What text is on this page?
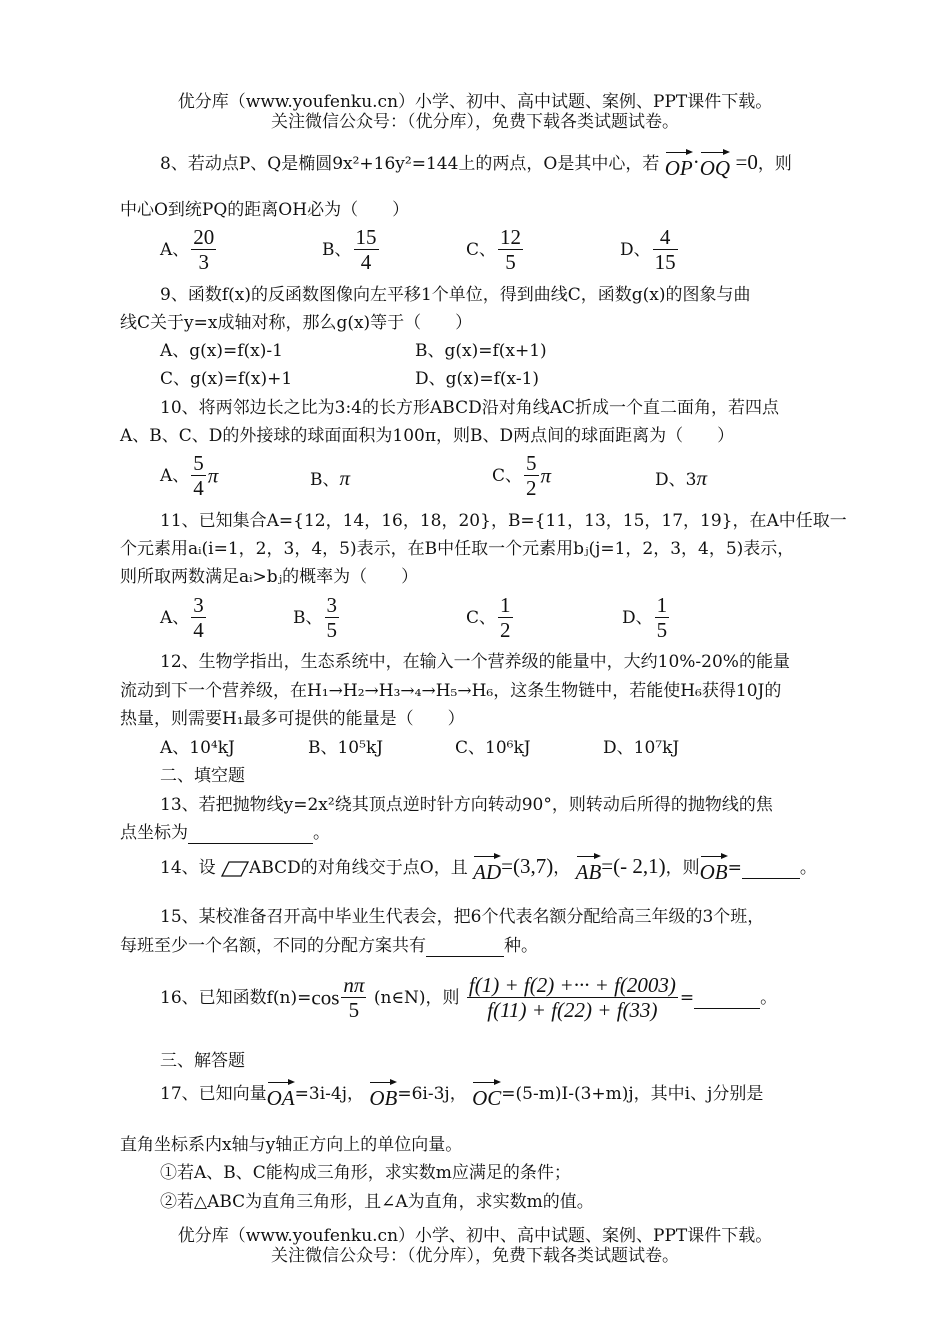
优分库（www.youfenku.cn）小学、初中、高中试题、案例、PPT课件下载。
关注微信公众号：（优分库），免费下载各类试题试卷。
8、若动点P、Q是椭圆9x²+16y²=144上的两点，O是其中心，若 OP·OQ =0，则
中心O到统PQ的距离OH必为（　　）
A、 $\frac{20}{3}$	B、 $\frac{15}{4}$	C、 $\frac{12}{5}$	D、 $\frac{4}{15}$
9、函数f(x)的反函数图像向左平移1个单位，得到曲线C，函数g(x)的图象与曲
线C关于y=x成轴对称，那么g(x)等于（　　）
A、g(x)=f(x)-1	B、g(x)=f(x+1)
C、g(x)=f(x)+1	D、g(x)=f(x-1)
10、将两邻边长之比为3:4的长方形ABCD沿对角线AC折成一个直二面角，若四点
A、B、C、D的外接球的球面面积为100π，则B、D两点间的球面距离为（　　）
A、 $\frac{5}{4}$ π	B、π	C、 $\frac{5}{2}$ π	D、3π
11、已知集合A={12，14，16，18，20}，B={11，13，15，17，19}，在A中任取一
个元素用aᵢ(i=1，2，3，4，5)表示，在B中任取一个元素用bⱼ(j=1，2，3，4，5)表示，
则所取两数满足aᵢ>bⱼ的概率为（　　）
A、 $\frac{3}{4}$	B、 $\frac{3}{5}$	C、 $\frac{1}{2}$	D、 $\frac{1}{5}$
12、生物学指出，生态系统中，在输入一个营养级的能量中，大约10%-20%的能量
流动到下一个营养级，在H₁→H₂→H₃→₄→H₅→H₆，这条生物链中，若能使H₆获得10J的
热量，则需要H₁最多可提供的能量是（　　）
A、10⁴kJ	B、10⁵kJ	C、10⁶kJ	D、10⁷kJ
二、填空题
13、若把抛物线y=2x²绕其顶点逆时针方向转动90°，则转动后所得的抛物线的焦
点坐标为	。
14、设 ABCD的对角线交于点O，且 AD=(3,7)， AB=(- 2,1)，则OB=	。
15、某校准备召开高中毕业生代表会，把6个代表名额分配给高三年级的3个班，
每班至少一个名额，不同的分配方案共有	种。
16、已知函数$f(n)=\cos \frac{n\pi}{5}$ (n∈N)，则 $\frac{f(1) + f(2) +\cdot\cdot\cdot + f(2003)}{f(11) + f(22) + f(33)}$ =	。
三、解答题
17、已知向量OA=3i-4j， OB=6i-3j， OC=(5-m)I-(3+m)j，其中i、j分别是
直角坐标系内x轴与y轴正方向上的单位向量。
①若A、B、C能构成三角形，求实数m应满足的条件；
②若△ABC为直角三角形，且∠A为直角，求实数m的值。
优分库（www.youfenku.cn）小学、初中、高中试题、案例、PPT课件下载。
关注微信公众号：（优分库），免费下载各类试题试卷。
